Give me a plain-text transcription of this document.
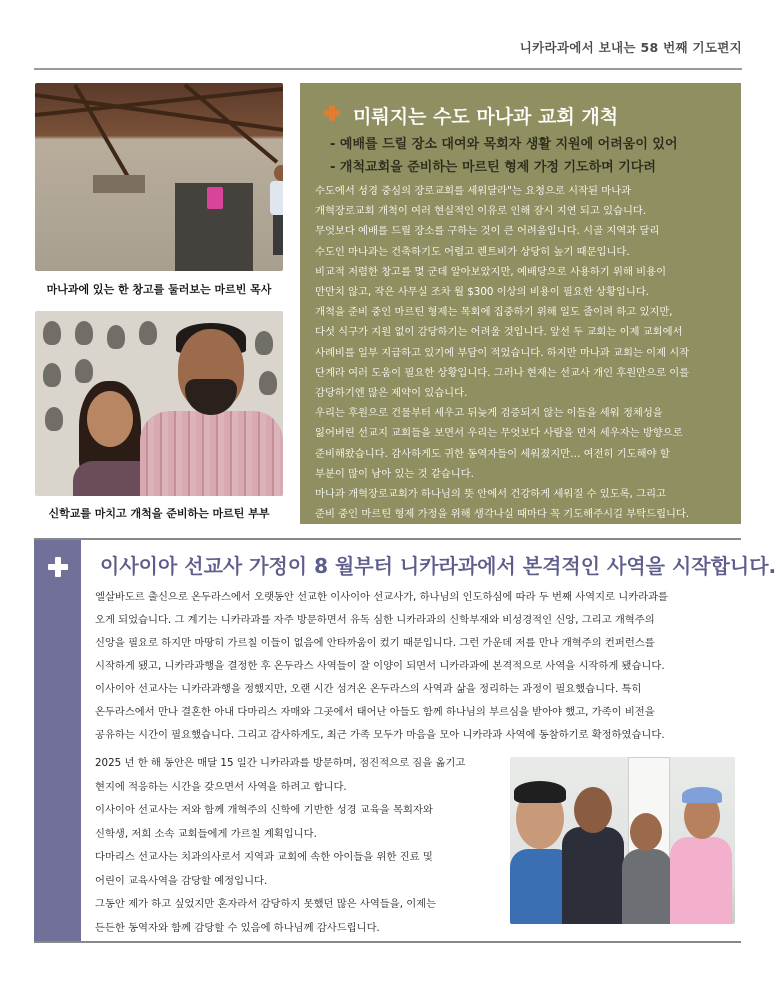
니카라과에서 보내는 58 번째 기도편지
마나과에 있는 한 창고를 둘러보는 마르빈 목사
신학교를 마치고 개척을 준비하는 마르틴 부부
미뤄지는 수도 마나과 교회 개척
- 예배를 드릴 장소 대여와 목회자 생활 지원에 어려움이 있어
- 개척교회을 준비하는 마르틴 형제 가정 기도하며 기다려

수도에서 성경 중심의 장로교회를 세워달라"는 요청으로 시작된 마나과

개혁장로교회 개척이 여러 현실적인 이유로 인해 잠시 지연 되고 있습니다.

무엇보다 예배를 드릴 장소를 구하는 것이 큰 어려움입니다. 시골 지역과 달리

수도인 마나과는 건축하기도 어렵고 렌트비가 상당히 높기 때문입니다.

비교적 저렴한 창고를 몇 군데 알아보았지만, 예배당으로 사용하기 위해 비용이

만만치 않고, 작은 사무실 조차 월 $300 이상의 비용이 필요한 상황입니다.

개척을 준비 중인 마르틴 형제는 목회에 집중하기 위해 일도 줄이려 하고 있지만,

다섯 식구가 지원 없이 감당하기는 어려울 것입니다. 앞선 두 교회는 이제 교회에서

사례비를 일부 지급하고 있기에 부담이 적었습니다. 하지만 마나과 교회는 이제 시작

단계라 여러 도움이 필요한 상황입니다. 그러나 현재는 선교사 개인 후원만으로 이를

감당하기엔 많은 제약이 있습니다.

우리는 후원으로 건물부터 세우고 뒤늦게 검증되지 않는 이들을 세워 정체성을

잃어버린 선교지 교회들을 보면서 우리는 무엇보다 사람을 먼저 세우자는 방향으로

준비해왔습니다. 감사하게도 귀한 동역자들이 세워졌지만… 여전히 기도해야 할

부분이 많이 남아 있는 것 같습니다.

마나과 개혁장로교회가 하나님의 뜻 안에서 건강하게 세워질 수 있도록, 그리고

준비 중인 마르틴 형제 가정을 위해 생각나실 때마다 꼭 기도해주시길 부탁드립니다.

이사이아 선교사 가정이 8 월부터 니카라과에서 본격적인 사역을 시작합니다.

엘살바도르 출신으로 온두라스에서 오랫동안 선교한 이사이아 선교사가, 하나님의 인도하심에 따라 두 번째 사역지로 니카라과를

오게 되었습니다. 그 계기는 니카라과를 자주 방문하면서 유독 심한 니카라과의 신학부재와 비성경적인 신앙, 그리고 개혁주의

신앙을 필요로 하지만 마땅히 가르칠 이들이 없음에 안타까움이 컸기 때문입니다. 그런 가운데 저를 만나 개혁주의 컨퍼런스를

시작하게 됐고, 니카라과행을 결정한 후 온두라스 사역들이 잘 이양이 되면서 니카라과에 본격적으로 사역을 시작하게 됐습니다.

이사이아 선교사는 니카라과행을 정했지만, 오랜 시간 섬겨온 온두라스의 사역과 삶을 정리하는 과정이 필요했습니다. 특히

온두라스에서 만나 결혼한 아내 다마리스 자매와 그곳에서 태어난 아들도 함께 하나님의 부르심을 받아야 했고, 가족이 비전을

공유하는 시간이 필요했습니다. 그리고 감사하게도, 최근 가족 모두가 마음을 모아 니카라과 사역에 동참하기로 확정하였습니다.

2025 년 한 해 동안은 매달 15 일간 니카라과를 방문하며, 점진적으로 짐을 옮기고

현지에 적응하는 시간을 갖으면서 사역을 하려고 합니다.

이사이아 선교사는 저와 함께 개혁주의 신학에 기반한 성경 교육을 목회자와

신학생, 저희 소속 교회들에게 가르칠 계획입니다.

다마리스 선교사는 치과의사로서 지역과 교회에 속한 아이들을 위한 진료 및

어린이 교육사역을 감당할 예정입니다.

그동안 제가 하고 싶었지만 혼자라서 감당하지 못했던 많은 사역들을, 이제는

든든한 동역자와 함께 감당할 수 있음에 하나님께 감사드립니다.
